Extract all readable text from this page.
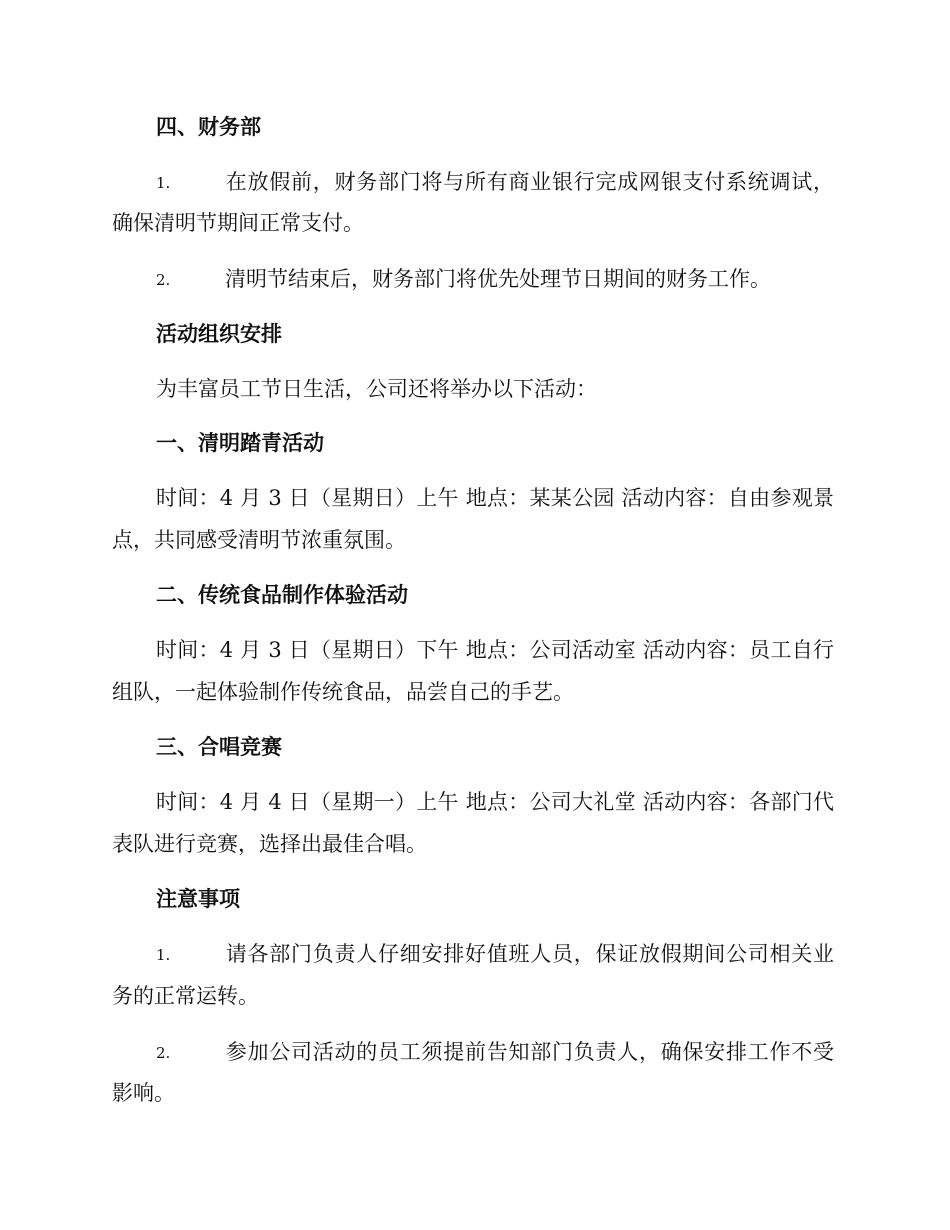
四、财务部
1.	在放假前，财务部门将与所有商业银行完成网银支付系统调试，
确保清明节期间正常支付。
2.	清明节结束后，财务部门将优先处理节日期间的财务工作。
活动组织安排
为丰富员工节日生活，公司还将举办以下活动：
一、清明踏青活动
时间：4 月 3 日（星期日）上午 地点：某某公园 活动内容：自由参观景
点，共同感受清明节浓重氛围。
二、传统食品制作体验活动
时间：4 月 3 日（星期日）下午 地点：公司活动室 活动内容：员工自行
组队，一起体验制作传统食品，品尝自己的手艺。
三、合唱竞赛
时间：4 月 4 日（星期一）上午 地点：公司大礼堂 活动内容：各部门代
表队进行竞赛，选择出最佳合唱。
注意事项
1.	请各部门负责人仔细安排好值班人员，保证放假期间公司相关业
务的正常运转。
2.	参加公司活动的员工须提前告知部门负责人，确保安排工作不受
影响。
